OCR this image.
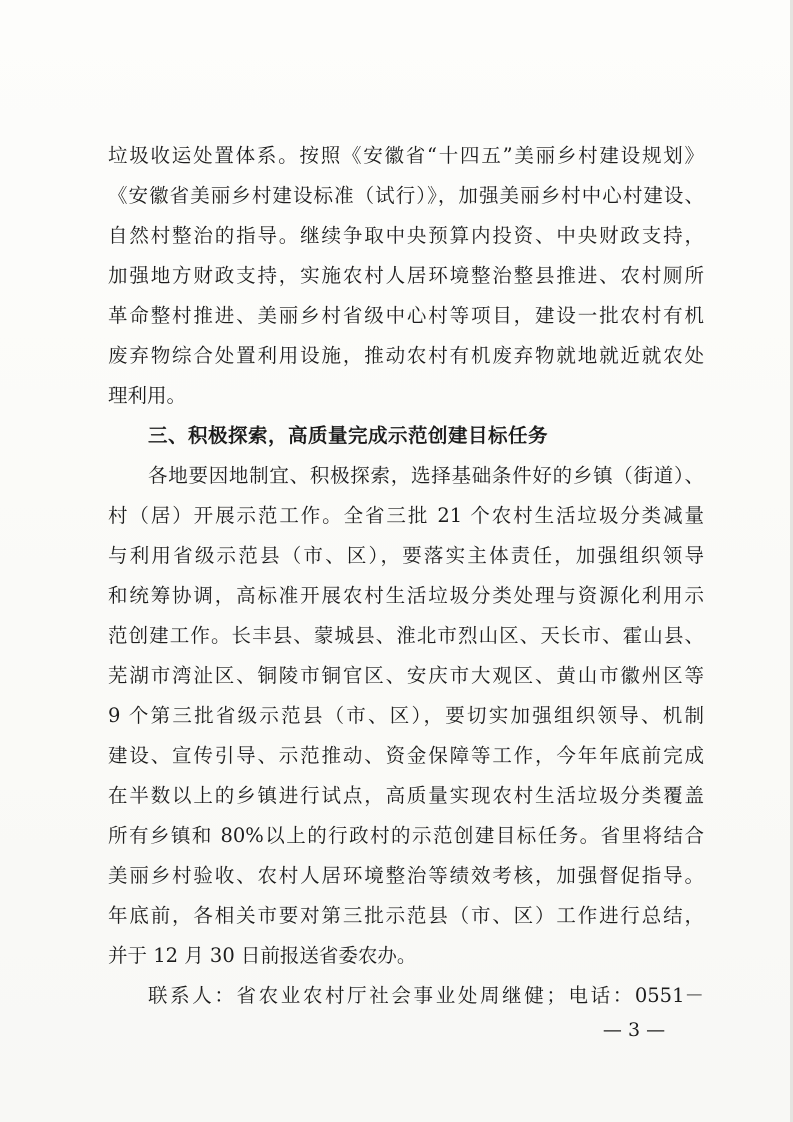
垃圾收运处置体系。按照《安徽省“十四五”美丽乡村建设规划》
《安徽省美丽乡村建设标准（试行）》，加强美丽乡村中心村建设、
自然村整治的指导。继续争取中央预算内投资、中央财政支持，
加强地方财政支持，实施农村人居环境整治整县推进、农村厕所
革命整村推进、美丽乡村省级中心村等项目，建设一批农村有机
废弃物综合处置利用设施，推动农村有机废弃物就地就近就农处
理利用。
三、积极探索，高质量完成示范创建目标任务
各地要因地制宜、积极探索，选择基础条件好的乡镇（街道）、
村（居）开展示范工作。全省三批 21 个农村生活垃圾分类减量
与利用省级示范县（市、区），要落实主体责任，加强组织领导
和统筹协调，高标准开展农村生活垃圾分类处理与资源化利用示
范创建工作。长丰县、蒙城县、淮北市烈山区、天长市、霍山县、
芜湖市湾沚区、铜陵市铜官区、安庆市大观区、黄山市徽州区等
9 个第三批省级示范县（市、区），要切实加强组织领导、机制
建设、宣传引导、示范推动、资金保障等工作，今年年底前完成
在半数以上的乡镇进行试点，高质量实现农村生活垃圾分类覆盖
所有乡镇和 80%以上的行政村的示范创建目标任务。省里将结合
美丽乡村验收、农村人居环境整治等绩效考核，加强督促指导。
年底前，各相关市要对第三批示范县（市、区）工作进行总结，
并于 12 月 30 日前报送省委农办。
联系人：省农业农村厅社会事业处周继健；电话：0551－
— 3 —
